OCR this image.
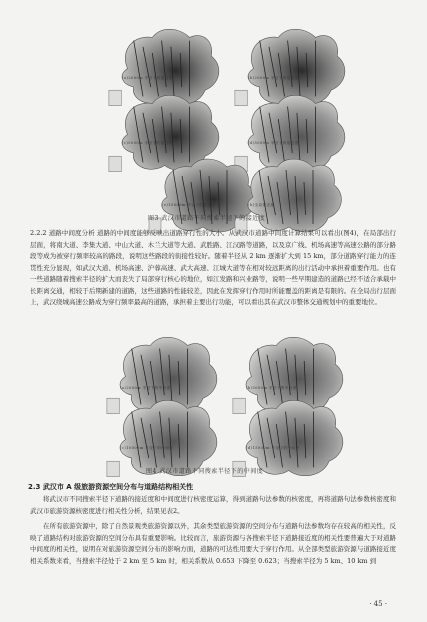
(a)2000m 半径下的接近度	(b)2000m 半径下的接近度
(c)5000m 半径下的接近度	(d)5000m 半径下的接近度
(e)10000m 半径下的接近度	(h)全局接近度
图3 武汉市道路不同搜索半径下的接近度
2.2.2 道路中间度分析 道路的中间度能够反映出道路穿行性的大小。从武汉市道路中间度计算结果可以看出(图4)，在局部出行层面，将南大道、李集大道、中山大道、木兰大道等大道、武胜路、江汉路等道路，以及京广线、机场高速等高速公路的部分路段等成为被穿行频率较高的路段，说明这些路段的街接性较好。随着半径从 2 km 逐渐扩大到 15 km，部分道路穿行能力的连贯性充分显现，如武汉大道、机场高速、沪蓉高速、武大高速、江城大道等在相对较远距离的出行活动中承担着重要作用。也有一些道路随着搜索半径的扩大而丧失了局部穿行核心的地位，如江发路和兴业路等，说明一些早期建造的道路已经不适合承载中长距离交通，相较于后期新建的道路，这些道路的性能较差，因此在发挥穿行作用时所能覆盖的距离是有限的。在全局出行层面上，武汉绕城高速公路成为穿行频率最高的道路，承担着主要出行功能，可以看出其在武汉市整体交通规划中的重要地位。
(a)2000m 半径下的中间度	(b)5000m 半径下的中间度
(c)10000m 半径下的中间度	(d)15000m 半径下的中间度
图4 武汉市道路不同搜索半径下的中间度
2.3 武汉市 A 级旅游资源空间分布与道路结构相关性
将武汉市不同搜索半径下道路的接近度和中间度进行核密度运算，得到道路句法参数的核密度，再将道路句法参数核密度和武汉市旅游资源核密度进行相关性分析，结果见表2。
在所有旅游资源中，除了自然景观类旅游资源以外，其余类型旅游资源的空间分布与道路句法参数均存在较高的相关性，反映了道路结构对旅游资源的空间分布具有重要影响。比较而言，旅游资源与各搜索半径下道路接近度的相关性要普遍大于对道路中间度的相关性，说明在对旅游资源空间分布的影响方面，道路的可达性用要大于穿行作用。从全部类型旅游资源与道路接近度相关系数来看，当搜索半径处于 2 km 至 5 km 时，相关系数从 0.653 下降至 0.623；当搜索半径为 5 km、10 km 到
· 45 ·
